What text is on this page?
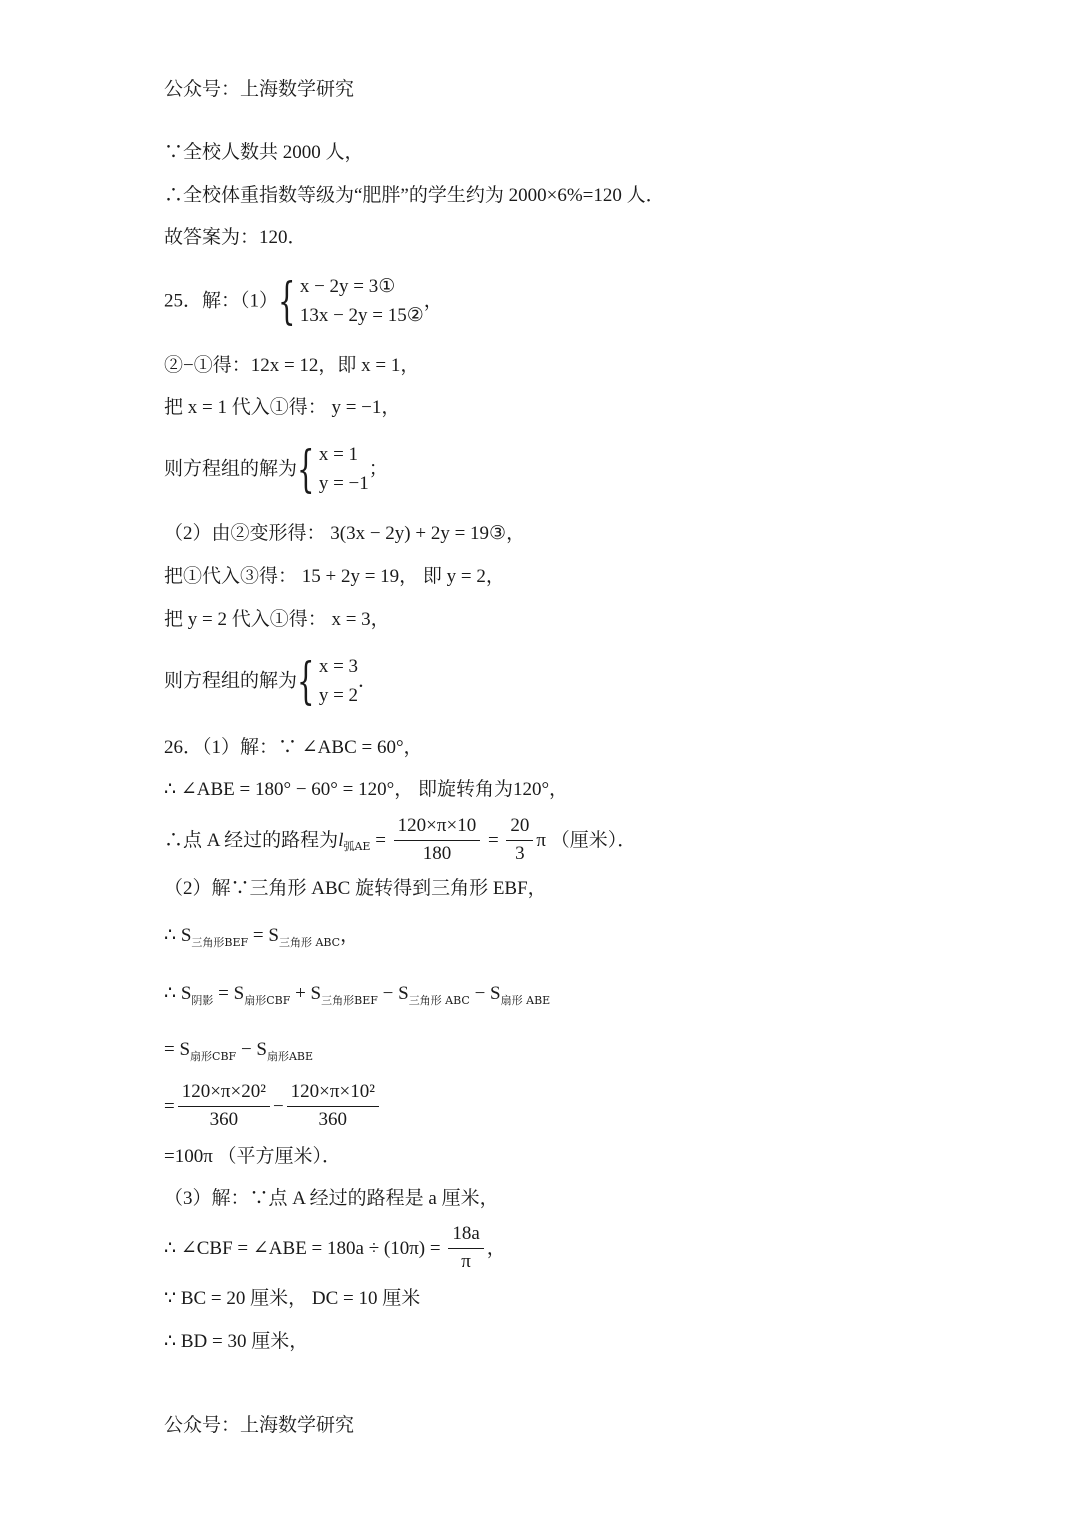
公众号：上海数学研究
∵全校人数共 2000 人，
∴全校体重指数等级为“肥胖”的学生约为 2000×6%=120 人．
故答案为：120．
25．解：（1）{ x − 2y = 3①
13x − 2y = 15②
，
②−①得：12x = 12，即 x = 1，
把 x = 1 代入①得： y = −1，
则方程组的解为{ x = 1
y = −1
；
（2）由②变形得： 3(3x − 2y) + 2y = 19③，
把①代入③得： 15 + 2y = 19， 即 y = 2，
把 y = 2 代入①得： x = 3，
则方程组的解为{ x = 3
y = 2
．
26．（1）解：∵ ∠ABC = 60°，
∴ ∠ABE = 180° − 60° = 120°， 即旋转角为120°，
∴点 A 经过的路程为$l_{弧AE} = \frac{120\times\pi\times 10}{180} = \frac{20}{3}$ π （厘米）．
（2）解∵三角形 ABC 旋转得到三角形 EBF，
∴ $S_{三角形BEF} = S_{三角形 ABC}$，
∴ $S_{阴影} = S_{扇形CBF} + S_{三角形BEF} - S_{三角形 ABC} - S_{扇形 ABE}$
= $S_{扇形CBF} - S_{扇形ABE}$
= $\frac{\text{120×π×20²}}{360} - \frac{\text{120×π×10²}}{360}$
=100π （平方厘米）．
（3）解：∵点 A 经过的路程是 a 厘米，
∴ ∠CBF = ∠ABE = $180a \div (10\pi) = \frac{18a}{\pi}$ ，
∵ BC = 20 厘米， DC = 10 厘米
∴ BD = 30 厘米，
公众号：上海数学研究
